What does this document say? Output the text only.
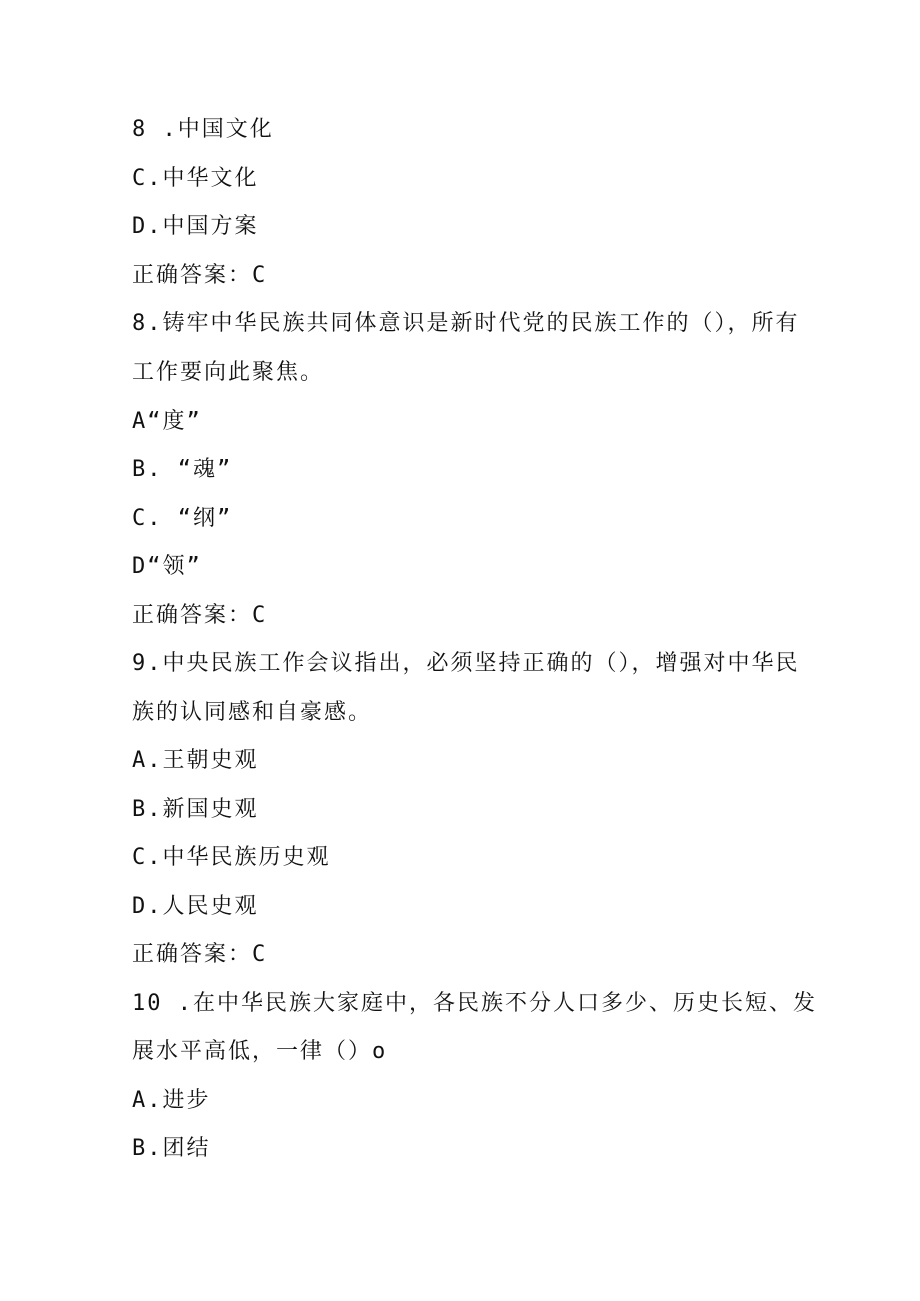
8 .中国文化

C.中华文化

D.中国方案

正确答案：C

8.铸牢中华民族共同体意识是新时代党的民族工作的（），所有

工作要向此聚焦。

A“度”

B. “魂”

C. “纲”

D“领”

正确答案：C

9.中央民族工作会议指出，必须坚持正确的（），增强对中华民

族的认同感和自豪感。

A.王朝史观

B.新国史观

C.中华民族历史观

D.人民史观

正确答案：C

10 .在中华民族大家庭中，各民族不分人口多少、历史长短、发

展水平高低，一律（）o

A.进步

B.团结
